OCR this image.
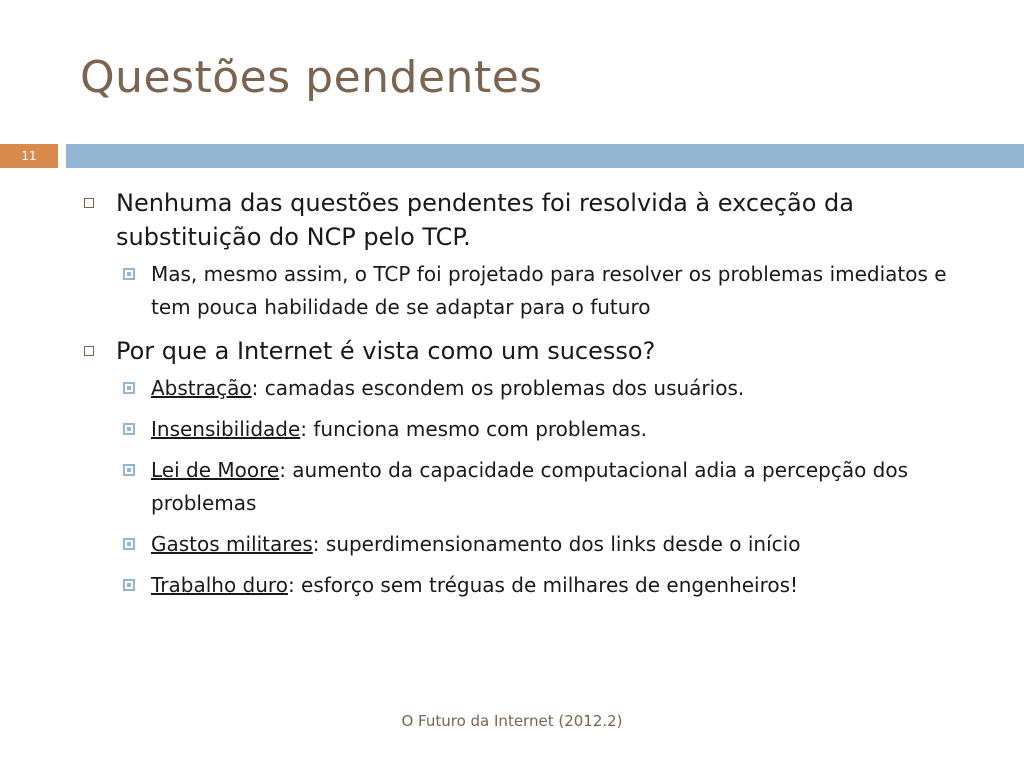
Questões pendentes
11
Nenhuma das questões pendentes foi resolvida à exceção da substituição do NCP pelo TCP.
Mas, mesmo assim, o TCP foi projetado para resolver os problemas imediatos e tem pouca habilidade de se adaptar para o futuro
Por que a Internet é vista como um sucesso?
Abstração: camadas escondem os problemas dos usuários.
Insensibilidade: funciona mesmo com problemas.
Lei de Moore: aumento da capacidade computacional adia a percepção dos problemas
Gastos militares: superdimensionamento dos links desde o início
Trabalho duro: esforço sem tréguas de milhares de engenheiros!
O Futuro da Internet (2012.2)
